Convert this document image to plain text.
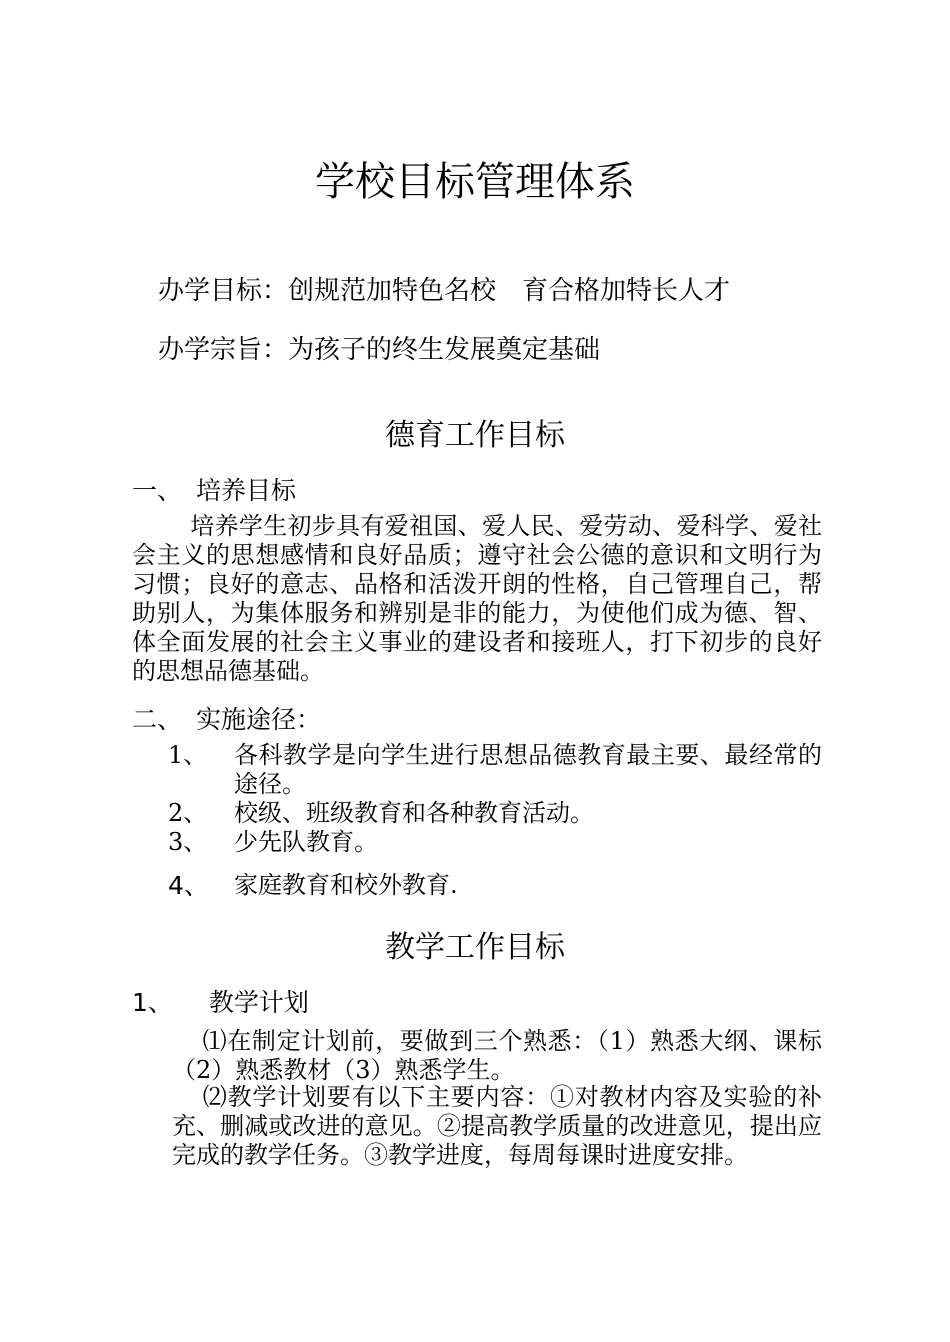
学校目标管理体系
办学目标：创规范加特色名校　育合格加特长人才
办学宗旨：为孩子的终生发展奠定基础
德育工作目标
一、 培养目标
培养学生初步具有爱祖国、爱人民、爱劳动、爱科学、爱社会主义的思想感情和良好品质；遵守社会公德的意识和文明行为习惯；良好的意志、品格和活泼开朗的性格，自己管理自己，帮助别人，为集体服务和辨别是非的能力，为使他们成为德、智、体全面发展的社会主义事业的建设者和接班人，打下初步的良好的思想品德基础。
二、 实施途径：
1、 各科教学是向学生进行思想品德教育最主要、最经常的途径。
2、 校级、班级教育和各种教育活动。
3、 少先队教育。
4、 家庭教育和校外教育.
教学工作目标
1、 教学计划
⑴在制定计划前，要做到三个熟悉：（1）熟悉大纲、课标（2）熟悉教材（3）熟悉学生。
⑵教学计划要有以下主要内容：①对教材内容及实验的补充、删减或改进的意见。②提高教学质量的改进意见，提出应完成的教学任务。③教学进度，每周每课时进度安排。
